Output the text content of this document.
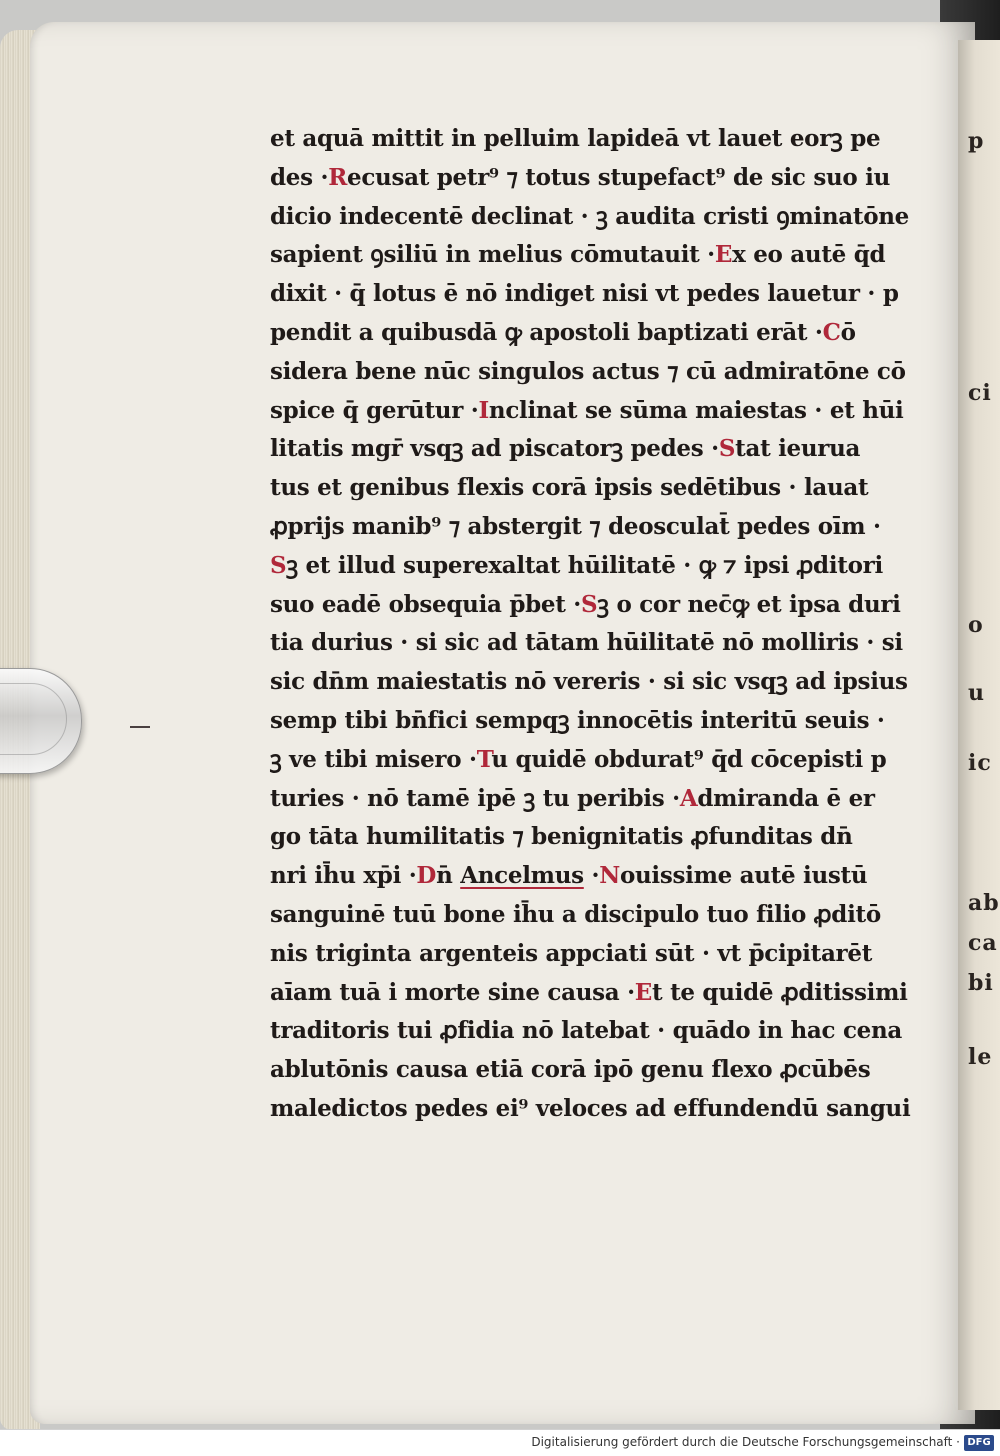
p
ci
o
u
ic
ab
ca
bi
le
et aquā mittit in pelluim lapideā vt lauet eorꝫ pe
des ·Recusat petr⁹ ⁊ totus stupefact⁹ de sic suo iu
dicio indecentē declinat · ꝫ audita cristi ꝯminatōne
sapient ꝯsiliū in melius cōmutauit ·Ex eo autē q̄d
dixit · q̄ lotus ē nō indiget nisi vt pedes lauetur · p
pendit a quibusdā ꝙ apostoli baptizati erāt ·Cō
sidera bene nūc singulos actus ⁊ cū admiratōne cō
spice q̄ gerūtur ·Inclinat se sūma maiestas · et hūi
litatis mgr̄ vsqꝫ ad piscatorꝫ pedes ·Stat ieurua
tus et genibus flexis corā ipsis sedētibus · lauat
ꝓprijs manib⁹ ⁊ abstergit ⁊ deosculat̄ pedes oīm ·
Sꝫ et illud superexaltat hūilitatē · ꝙ ⁊ ipsi ꝓditori
suo eadē obsequia p̄bet ·Sꝫ o cor nec̄ꝙ et ipsa duri
tia durius · si sic ad tātam hūilitatē nō molliris · si
sic dn̄m maiestatis nō vereris · si sic vsqꝫ ad ipsius
semp tibi bn̄fici sempqꝫ innocētis interitū seuis ·
ꝫ ve tibi misero ·Tu quidē obdurat⁹ q̄d cōcepisti p
turies · nō tamē ipē ꝫ tu peribis ·Admiranda ē er
go tāta humilitatis ⁊ benignitatis ꝓfunditas dn̄
nri ih̄u xp̄i ·Dn̄ Ancelmus ·Nouissime autē iustū
sanguinē tuū bone ih̄u a discipulo tuo filio ꝓditō
nis triginta argenteis appciati sūt · vt p̄cipitarēt
aīam tuā i morte sine causa ·Et te quidē ꝓditissimi
traditoris tui ꝓfidia nō latebat · quādo in hac cena
ablutōnis causa etiā corā ipō genu flexo ꝓcūbēs
maledictos pedes ei⁹ veloces ad effundendū sangui
Digitalisierung gefördert durch die Deutsche Forschungsgemeinschaft · DFG
